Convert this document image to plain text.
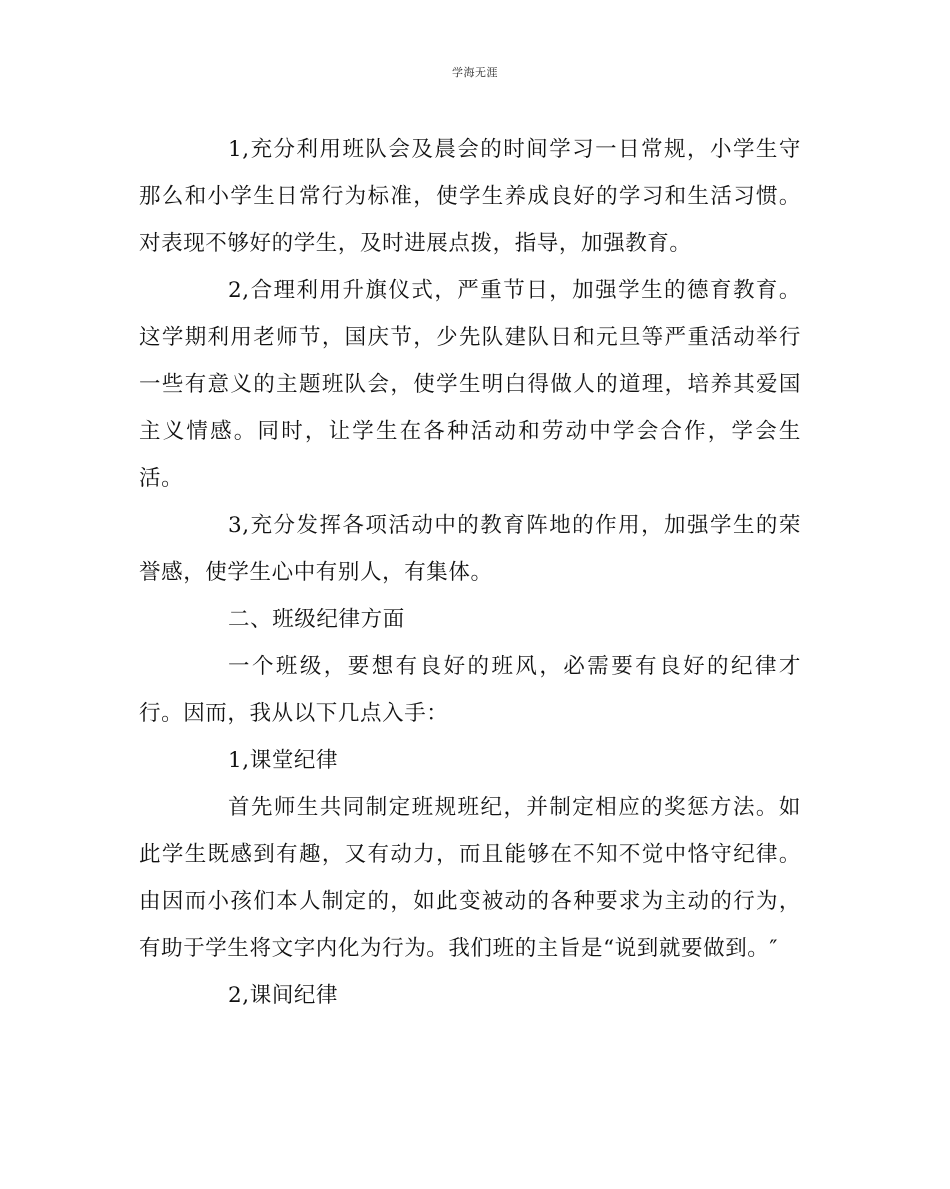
学海无涯

1,充分利用班队会及晨会的时间学习一日常规，小学生守那么和小学生日常行为标准，使学生养成良好的学习和生活习惯。对表现不够好的学生，及时进展点拨，指导，加强教育。

2,合理利用升旗仪式，严重节日，加强学生的德育教育。这学期利用老师节，国庆节，少先队建队日和元旦等严重活动举行一些有意义的主题班队会，使学生明白得做人的道理，培养其爱国主义情感。同时，让学生在各种活动和劳动中学会合作，学会生活。

3,充分发挥各项活动中的教育阵地的作用，加强学生的荣誉感，使学生心中有别人，有集体。

二、班级纪律方面

一个班级，要想有良好的班风，必需要有良好的纪律才行。因而，我从以下几点入手：

1,课堂纪律

首先师生共同制定班规班纪，并制定相应的奖惩方法。如此学生既感到有趣，又有动力，而且能够在不知不觉中恪守纪律。由因而小孩们本人制定的，如此变被动的各种要求为主动的行为，有助于学生将文字内化为行为。我们班的主旨是“说到就要做到。″

2,课间纪律
